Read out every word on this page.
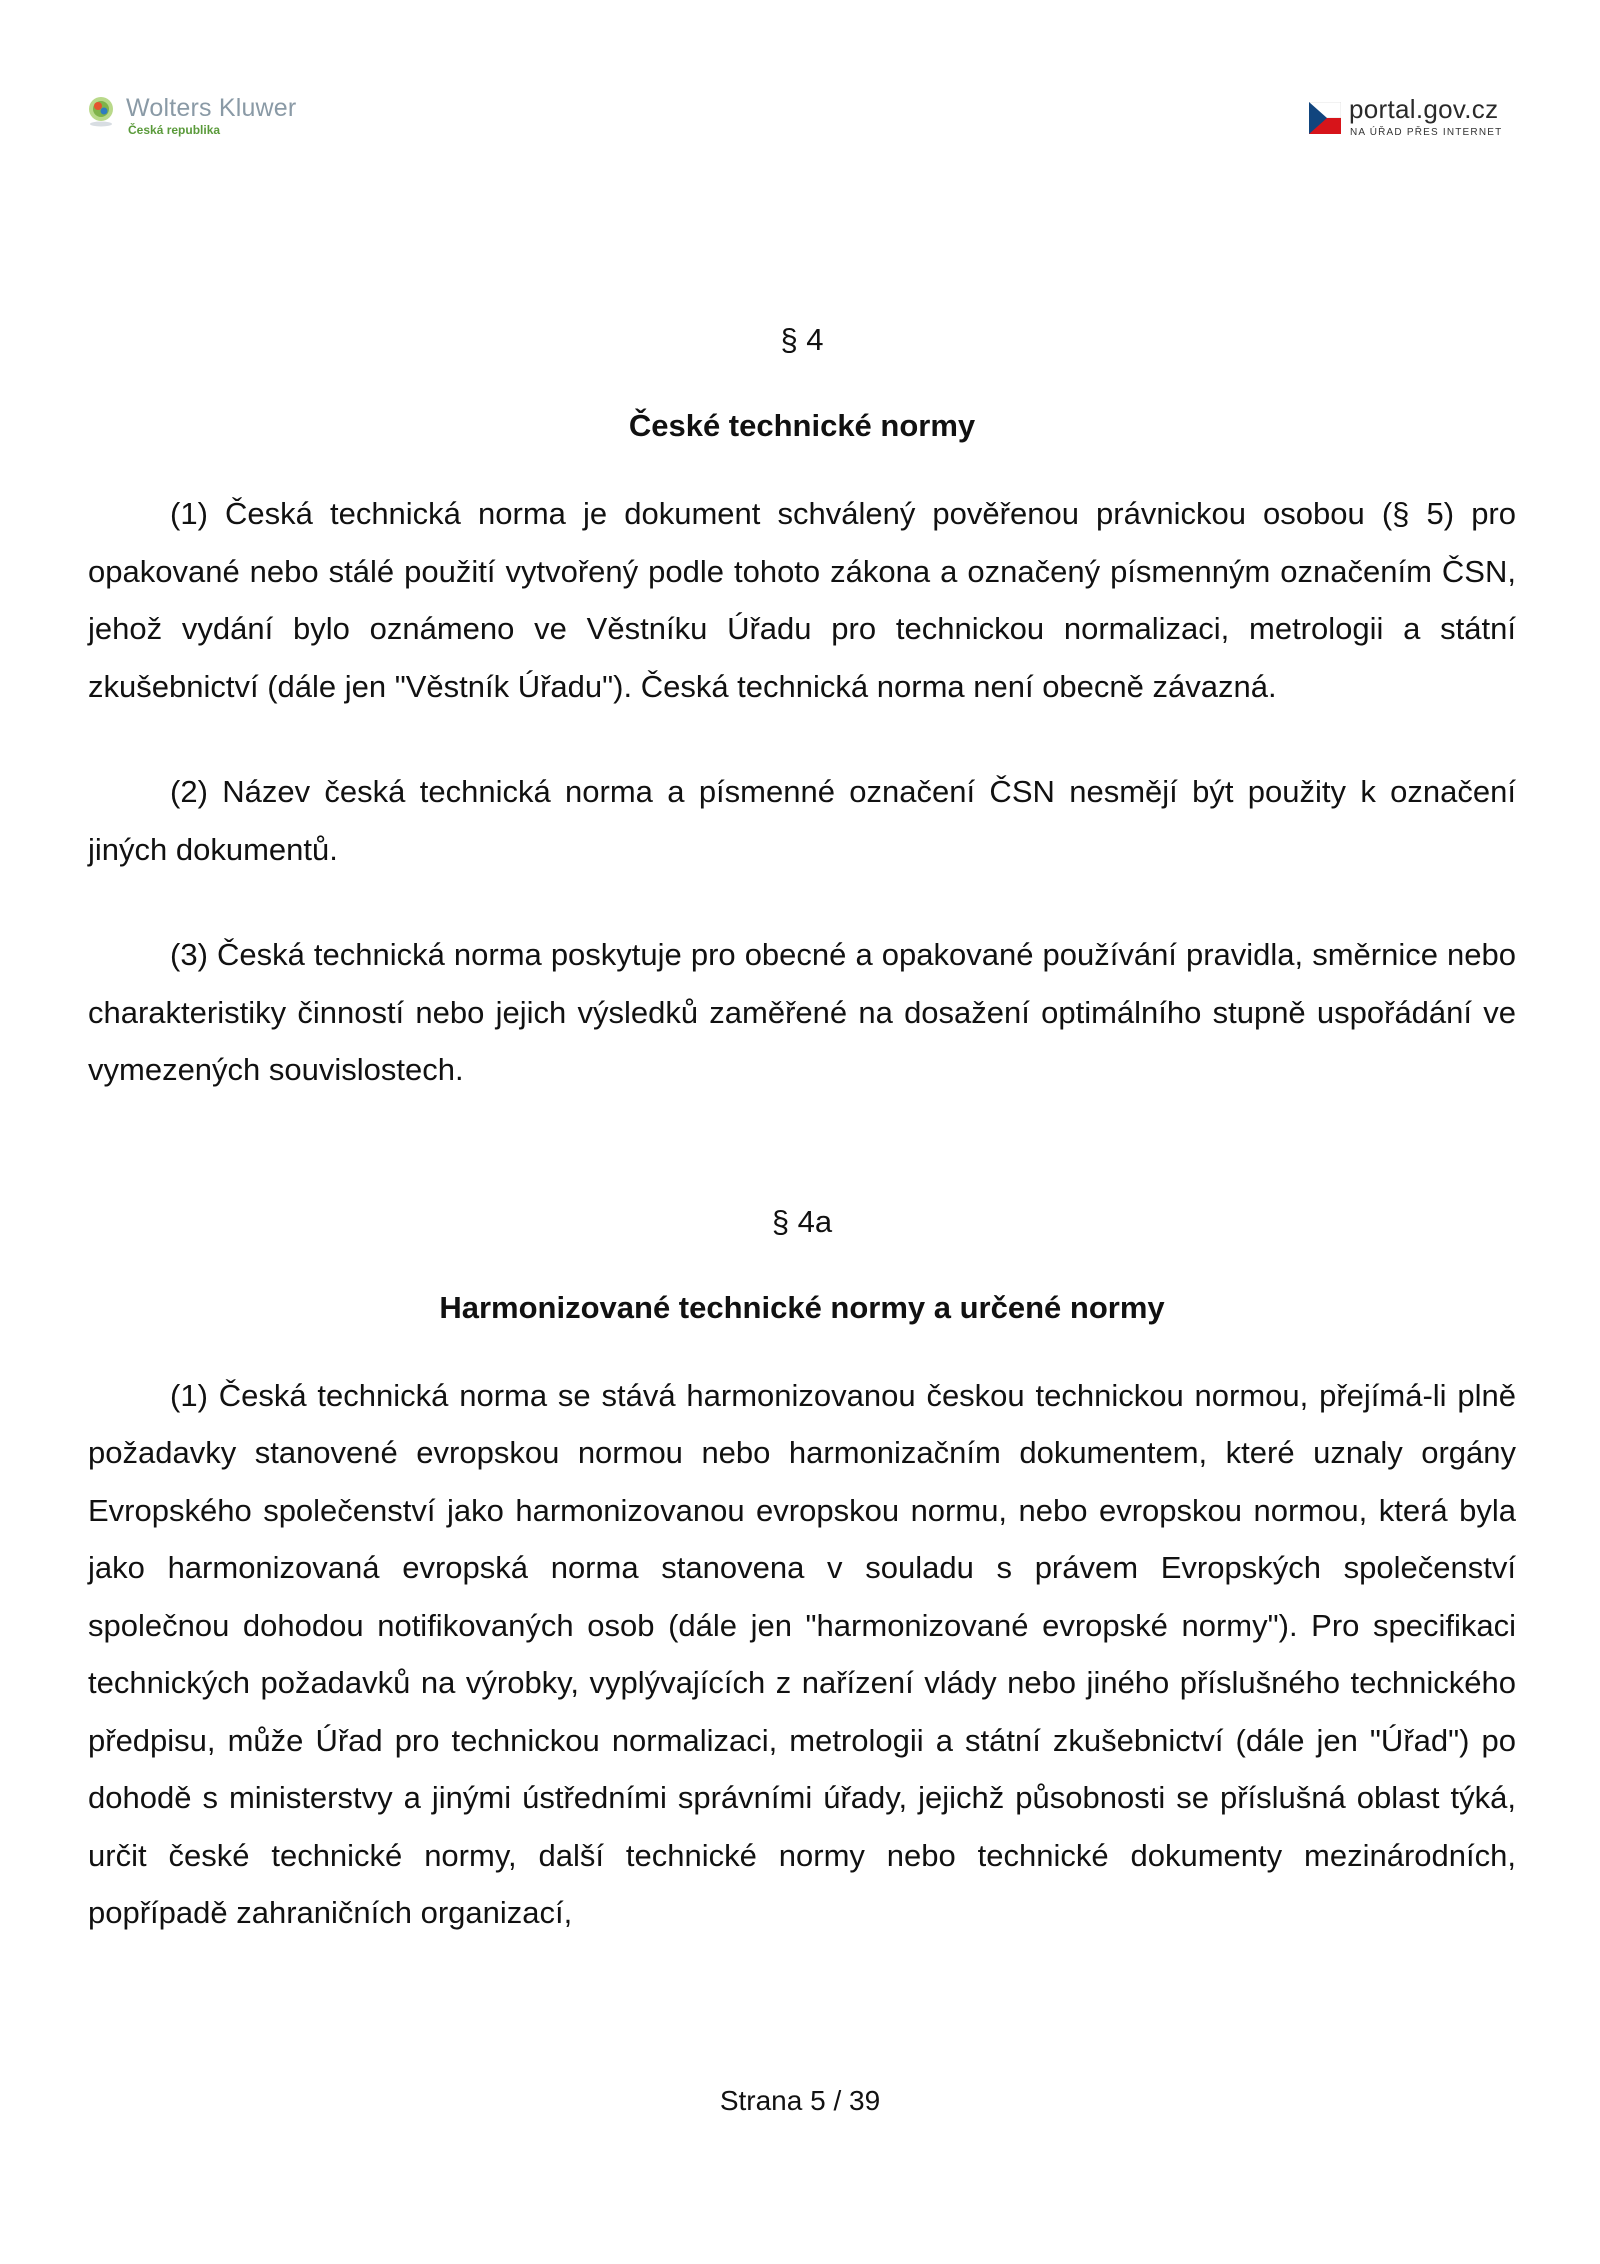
Wolters Kluwer
Česká republika
portal.gov.cz
NA ÚŘAD PŘES INTERNET

§ 4

České technické normy

(1) Česká technická norma je dokument schválený pověřenou právnickou osobou (§ 5) pro opakované nebo stálé použití vytvořený podle tohoto zákona a označený písmenným označením ČSN, jehož vydání bylo oznámeno ve Věstníku Úřadu pro technickou normalizaci, metrologii a státní zkušebnictví (dále jen "Věstník Úřadu"). Česká technická norma není obecně závazná.

(2) Název česká technická norma a písmenné označení ČSN nesmějí být použity k označení jiných dokumentů.

(3) Česká technická norma poskytuje pro obecné a opakované používání pravidla, směrnice nebo charakteristiky činností nebo jejich výsledků zaměřené na dosažení optimálního stupně uspořádání ve vymezených souvislostech.

§ 4a

Harmonizované technické normy a určené normy

(1) Česká technická norma se stává harmonizovanou českou technickou normou, přejímá-li plně požadavky stanovené evropskou normou nebo harmonizačním dokumentem, které uznaly orgány Evropského společenství jako harmonizovanou evropskou normu, nebo evropskou normou, která byla jako harmonizovaná evropská norma stanovena v souladu s právem Evropských společenství společnou dohodou notifikovaných osob (dále jen "harmonizované evropské normy"). Pro specifikaci technických požadavků na výrobky, vyplývajících z nařízení vlády nebo jiného příslušného technického předpisu, může Úřad pro technickou normalizaci, metrologii a státní zkušebnictví (dále jen "Úřad") po dohodě s ministerstvy a jinými ústředními správními úřady, jejichž působnosti se příslušná oblast týká, určit české technické normy, další technické normy nebo technické dokumenty mezinárodních, popřípadě zahraničních organizací,

Strana 5 / 39
